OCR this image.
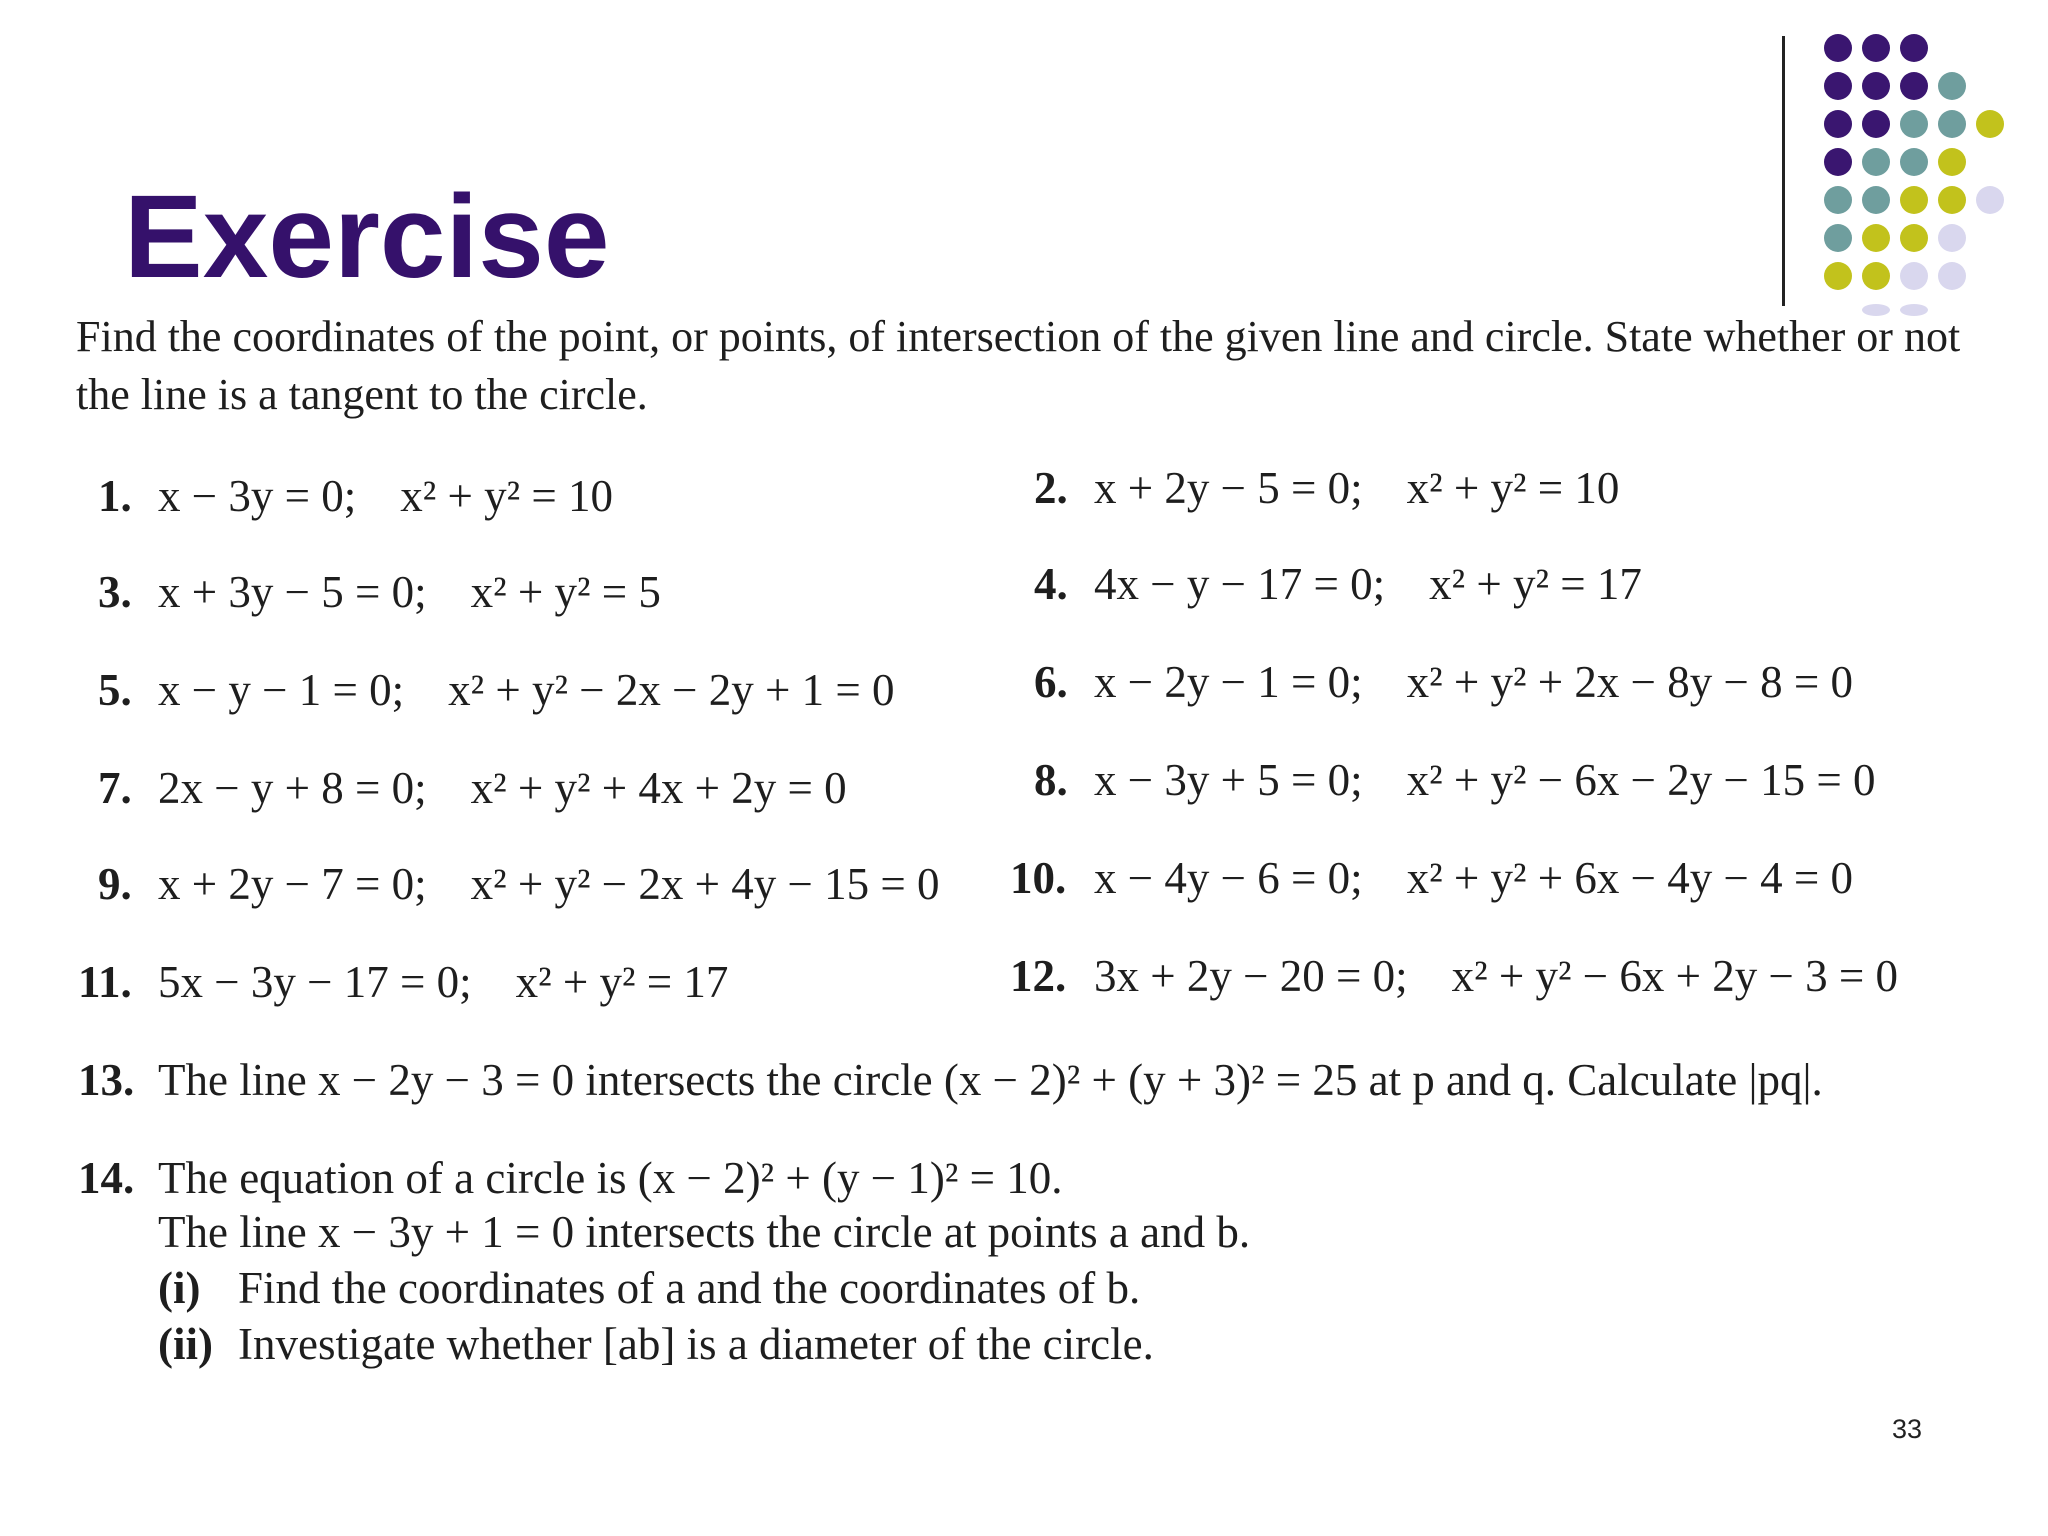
Exercise
Find the coordinates of the point, or points, of intersection of the given line and circle. State whether or not the line is a tangent to the circle.
1. x − 3y = 0; x² + y² = 10	2. x + 2y − 5 = 0; x² + y² = 10
3. x + 3y − 5 = 0; x² + y² = 5	4. 4x − y − 17 = 0; x² + y² = 17
5. x − y − 1 = 0; x² + y² − 2x − 2y + 1 = 0	6. x − 2y − 1 = 0; x² + y² + 2x − 8y − 8 = 0
7. 2x − y + 8 = 0; x² + y² + 4x + 2y = 0	8. x − 3y + 5 = 0; x² + y² − 6x − 2y − 15 = 0
9. x + 2y − 7 = 0; x² + y² − 2x + 4y − 15 = 0 10. x − 4y − 6 = 0; x² + y² + 6x − 4y − 4 = 0
11. 5x − 3y − 17 = 0; x² + y² = 17	12. 3x + 2y − 20 = 0; x² + y² − 6x + 2y − 3 = 0
13. The line x − 2y − 3 = 0 intersects the circle (x − 2)² + (y + 3)² = 25 at p and q. Calculate |pq|.
14. The equation of a circle is (x − 2)² + (y − 1)² = 10.
The line x − 3y + 1 = 0 intersects the circle at points a and b.
(i) Find the coordinates of a and the coordinates of b.
(ii) Investigate whether [ab] is a diameter of the circle.
33
